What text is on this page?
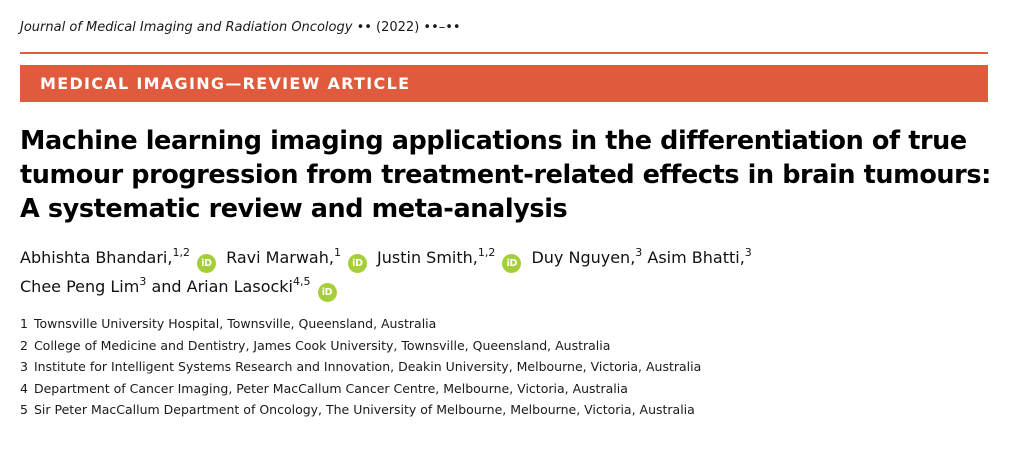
Journal of Medical Imaging and Radiation Oncology •• (2022) ••–••
MEDICAL IMAGING—REVIEW ARTICLE
Machine learning imaging applications in the differentiation of true tumour progression from treatment-related effects in brain tumours: A systematic review and meta-analysis
Abhishta Bhandari,$^{1,2}$iD Ravi Marwah,$^1$iD Justin Smith,$^{1,2}$iD Duy Nguyen,$^3$ Asim Bhatti,$^3$
Chee Peng Lim$^3$ and Arian Lasocki$^{4,5}$iD
1 Townsville University Hospital, Townsville, Queensland, Australia
2 College of Medicine and Dentistry, James Cook University, Townsville, Queensland, Australia
3 Institute for Intelligent Systems Research and Innovation, Deakin University, Melbourne, Victoria, Australia
4 Department of Cancer Imaging, Peter MacCallum Cancer Centre, Melbourne, Victoria, Australia
5 Sir Peter MacCallum Department of Oncology, The University of Melbourne, Melbourne, Victoria, Australia
